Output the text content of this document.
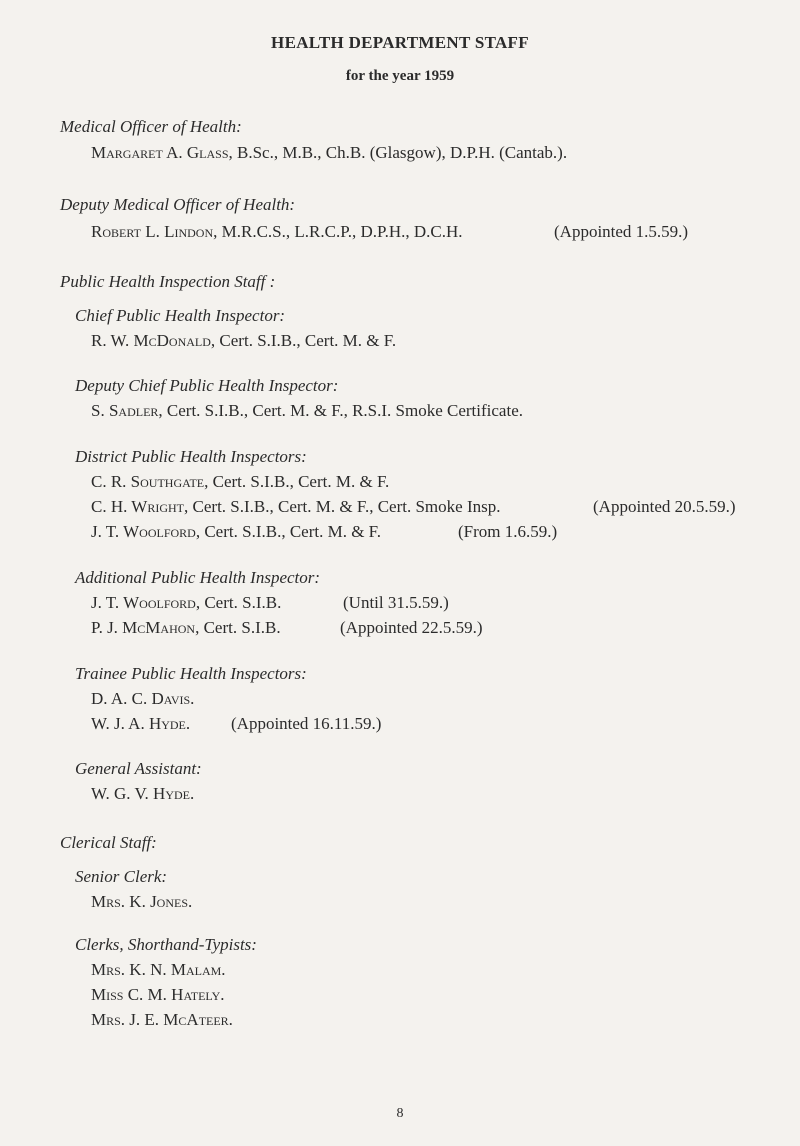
HEALTH DEPARTMENT STAFF
for the year 1959
Medical Officer of Health:
Margaret A. Glass, B.Sc., M.B., Ch.B. (Glasgow), D.P.H. (Cantab.).
Deputy Medical Officer of Health:
Robert L. Lindon, M.R.C.S., L.R.C.P., D.P.H., D.C.H.	(Appointed 1.5.59.)
Public Health Inspection Staff :
Chief Public Health Inspector:
R. W. McDonald, Cert. S.I.B., Cert. M. & F.
Deputy Chief Public Health Inspector:
S. Sadler, Cert. S.I.B., Cert. M. & F., R.S.I. Smoke Certificate.
District Public Health Inspectors:
C. R. Southgate, Cert. S.I.B., Cert. M. & F.
C. H. Wright, Cert. S.I.B., Cert. M. & F., Cert. Smoke Insp.	(Appointed 20.5.59.)
J. T. Woolford, Cert. S.I.B., Cert. M. & F.	(From 1.6.59.)
Additional Public Health Inspector:
J. T. Woolford, Cert. S.I.B.	(Until 31.5.59.)
P. J. McMahon, Cert. S.I.B.	(Appointed 22.5.59.)
Trainee Public Health Inspectors:
D. A. C. Davis.
W. J. A. Hyde. (Appointed 16.11.59.)
General Assistant:
W. G. V. Hyde.
Clerical Staff:
Senior Clerk:
Mrs. K. Jones.
Clerks, Shorthand-Typists:
Mrs. K. N. Malam.
Miss C. M. Hately.
Mrs. J. E. McAteer.
8
